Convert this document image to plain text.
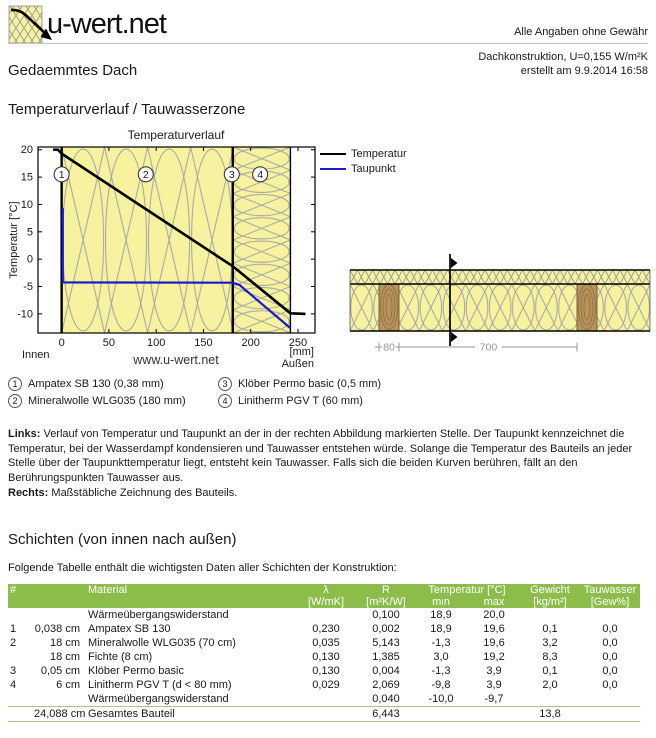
u-wert.net	Alle Angaben ohne Gewähr
Gedaemmtes Dach
Dachkonstruktion, U=0,155 W/m²K
erstellt am 9.9.2014 16:58
Temperaturverlauf / Tauwasserzone
1	2	3 4
0	50	100	150	200	250
20
15
10
5
0
-5
-10
Temperaturverlauf
Temperatur [°C]
Innen	[mm]
Außen
www.u-wert.net
Temperatur
Taupunkt
80	700
1 Ampatex SB 130 (0,38 mm)	3 Klöber Permo basic (0,5 mm)
2 Mineralwolle WLG035 (180 mm)	4 Linitherm PGV T (60 mm)

Links: Verlauf von Temperatur und Taupunkt an der in der rechten Abbildung markierten Stelle. Der Taupunkt kennzeichnet die Temperatur, bei der Wasserdampf kondensieren und Tauwasser entstehen würde. Solange die Temperatur des Bauteils an jeder Stelle über der Taupunkttemperatur liegt, entsteht kein Tauwasser. Falls sich die beiden Kurven berühren, fällt an den Berührungspunkten Tauwasser aus.

Rechts: Maßstäbliche Zeichnung des Bauteils.

Schichten (von innen nach außen)
Folgende Tabelle enthält die wichtigsten Daten aller Schichten der Konstruktion:
#		Material	λ	R	Temperatur [°C]		Gewicht	Tauwasser
			[W/mK]	[m²K/W]	min	max	[kg/m²]	[Gew%]
		Wärmeübergangswiderstand		0,100	18,9	20,0		
1	0,038 cm	Ampatex SB 130	0,230	0,002	18,9	19,6	0,1	0,0
2	18 cm	Mineralwolle WLG035 (70 cm)	0,035	5,143	-1,3	19,6	3,2	0,0
	18 cm	Fichte (8 cm)	0,130	1,385	3,0	19,2	8,3	0,0
3	0,05 cm	Klöber Permo basic	0,130	0,004	-1,3	3,9	0,1	0,0
4	6 cm	Linitherm PGV T (d < 80 mm)	0,029	2,069	-9,8	3,9	2,0	0,0
		Wärmeübergangswiderstand		0,040	-10,0	-9,7		
	24,088 cm	Gesamtes Bauteil		6,443			13,8	
